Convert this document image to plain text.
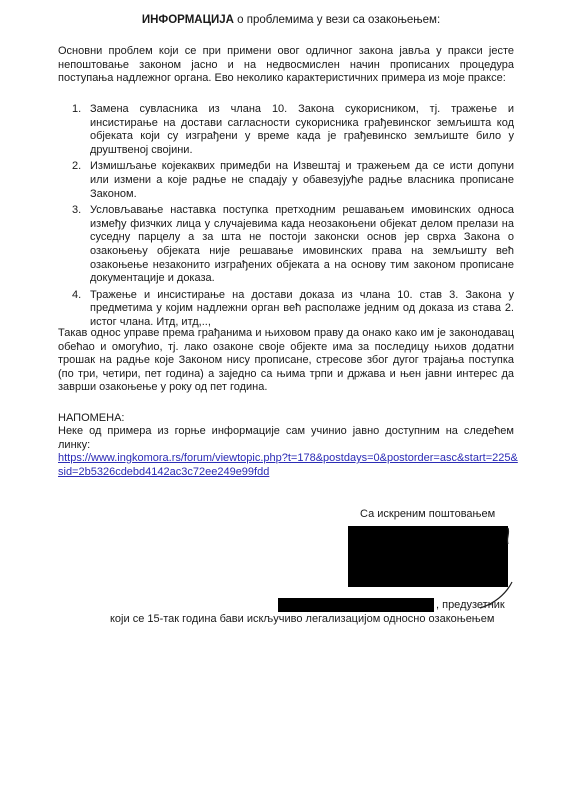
ИНФОРМАЦИЈА о проблемима у вези са озакоњењем:
Основни проблем који се при примени овог одличног закона јавља у пракси јесте непоштовање законом јасно и на недвосмислен начин прописаних процедура поступања надлежног органа. Ево неколико карактеристичних примера из моје праксе:
1. Замена сувласника из члана 10. Закона сукорисником, тј. тражење и инсистирање на достави сагласности сукорисника грађевинског земљишта код објеката који су изграђени у време када је грађевинско земљиште било у друштвеној својини.
2. Измишљање којекаквих примедби на Извештај и тражењем да се исти допуни или измени а које радње не спадају у обавезујуће радње власника прописане Законом.
3. Условљавање наставка поступка претходним решавањем имовинских односа између физчких лица у случајевима када неозакоњени објекат делом прелази на суседну парцелу а за шта не постоји законски основ јер сврха Закона о озакоњењу објеката није решавање имовинских права на земљишту већ озакоњење незаконито изграђених објеката а на основу тим законом прописане документације и доказа.
4. Тражење и инсистирање на достави доказа из члана 10. став 3. Закона у предметима у којим надлежни орган већ располаже једним од доказа из става 2. истог члана. Итд, итд,..,
Такав однос управе према грађанима и њиховом праву да онако како им је законодавац обећао и омогућио, тј. лако озаконе своје објекте има за последицу њихов додатни трошак на радње које Законом нису прописане, стресове због дугог трајања поступка (по три, четири, пет година) а заједно са њима трпи и држава и њен јавни интерес да заврши озакоњење у року од пет година.
НАПОМЕНА:
Неке од примера из горње информације сам учинио јавно доступним на следећем линку:
https://www.ingkomora.rs/forum/viewtopic.php?t=178&postdays=0&postorder=asc&start=225&sid=2b5326cdebd4142ac3c72ee249e99fdd
Са искреним поштовањем
, предузетник
који се 15-так година бави искључиво легализацијом односно озакоњењем
